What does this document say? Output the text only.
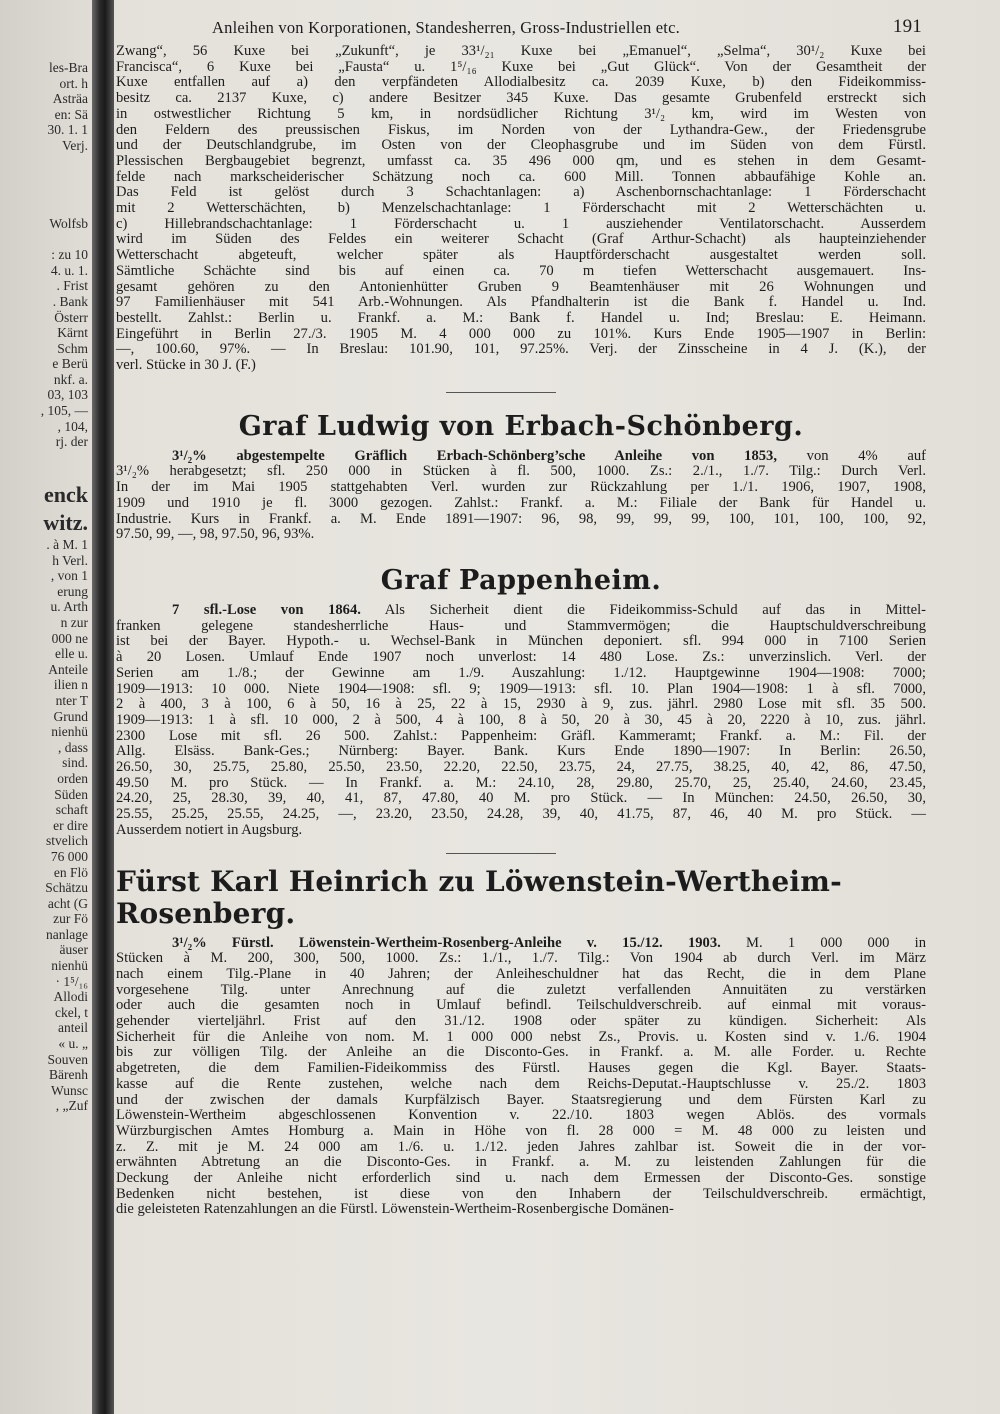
les-Bra
ort. h
Asträa
en: Sä
30. 1. 1
Verj.
Wolfsb
: zu 10
4. u. 1.
. Frist
. Bank
Österr
Kärnt
Schm
e Berü
nkf. a.
03, 103
, 105, —
, 104,
rj. der
enck
witz.
. à M. 1
h Verl.
, von 1
erung
u. Arth
n zur
000 ne
elle u.
Anteile
ilien n
nter T
Grund
nienhü
, dass
sind.
orden
Süden
schaft
er dire
stvelich
76 000
en Flö
Schätzu
acht (G
zur Fö
nanlage
äuser
nienhü
· 1⁵/₁₆
Allodi
ckel, t
anteil
« u. „
Souven
Bärenh
Wunsc
, „Zuf
Anleihen von Korporationen, Standesherren, Gross-Industriellen etc.	191

Zwang“, 56 Kuxe bei „Zukunft“, je 33¹/₂₁ Kuxe bei „Emanuel“, „Selma“, 30¹/₂ Kuxe bei
Francisca“, 6 Kuxe bei „Fausta“ u. 1⁵/₁₆ Kuxe bei „Gut Glück“. Von der Gesamtheit der
Kuxe entfallen auf a) den verpfändeten Allodialbesitz ca. 2039 Kuxe, b) den Fideikommiss-
besitz ca. 2137 Kuxe, c) andere Besitzer 345 Kuxe. Das gesamte Grubenfeld erstreckt sich
in ostwestlicher Richtung 5 km, in nordsüdlicher Richtung 3¹/₂ km, wird im Westen von
den Feldern des preussischen Fiskus, im Norden von der Lythandra-Gew., der Friedensgrube
und der Deutschlandgrube, im Osten von der Cleophasgrube und im Süden von dem Fürstl.
Plessischen Bergbaugebiet begrenzt, umfasst ca. 35 496 000 qm, und es stehen in dem Gesamt-
felde nach markscheiderischer Schätzung noch ca. 600 Mill. Tonnen abbaufähige Kohle an.
Das Feld ist gelöst durch 3 Schachtanlagen: a) Aschenbornschachtanlage: 1 Förderschacht
mit 2 Wetterschächten, b) Menzelschachtanlage: 1 Förderschacht mit 2 Wetterschächten u.
c) Hillebrandschachtanlage: 1 Förderschacht u. 1 ausziehender Ventilatorschacht. Ausserdem
wird im Süden des Feldes ein weiterer Schacht (Graf Arthur-Schacht) als haupteinziehender
Wetterschacht abgeteuft, welcher später als Hauptförderschacht ausgestaltet werden soll.
Sämtliche Schächte sind bis auf einen ca. 70 m tiefen Wetterschacht ausgemauert. Ins-
gesamt gehören zu den Antonienhütter Gruben 9 Beamtenhäuser mit 26 Wohnungen und
97 Familienhäuser mit 541 Arb.-Wohnungen. Als Pfandhalterin ist die Bank f. Handel u. Ind.
bestellt. Zahlst.: Berlin u. Frankf. a. M.: Bank f. Handel u. Ind; Breslau: E. Heimann.
Eingeführt in Berlin 27./3. 1905 M. 4 000 000 zu 101%. Kurs Ende 1905—1907 in Berlin:
—, 100.60, 97%. — In Breslau: 101.90, 101, 97.25%. Verj. der Zinsscheine in 4 J. (K.), der
verl. Stücke in 30 J. (F.)

Graf Ludwig von Erbach-Schönberg.

3¹/₂% abgestempelte Gräflich Erbach-Schönberg’sche Anleihe von 1853, von 4% auf
3¹/₂% herabgesetzt; sfl. 250 000 in Stücken à fl. 500, 1000. Zs.: 2./1., 1./7. Tilg.: Durch Verl.
In der im Mai 1905 stattgehabten Verl. wurden zur Rückzahlung per 1./1. 1906, 1907, 1908,
1909 und 1910 je fl. 3000 gezogen. Zahlst.: Frankf. a. M.: Filiale der Bank für Handel u.
Industrie. Kurs in Frankf. a. M. Ende 1891—1907: 96, 98, 99, 99, 99, 100, 101, 100, 100, 92,
97.50, 99, —, 98, 97.50, 96, 93%.

Graf Pappenheim.

7 sfl.-Lose von 1864. Als Sicherheit dient die Fideikommiss-Schuld auf das in Mittel-
franken gelegene standesherrliche Haus- und Stammvermögen; die Hauptschuldverschreibung
ist bei der Bayer. Hypoth.- u. Wechsel-Bank in München deponiert. sfl. 994 000 in 7100 Serien
à 20 Losen. Umlauf Ende 1907 noch unverlost: 14 480 Lose. Zs.: unverzinslich. Verl. der
Serien am 1./8.; der Gewinne am 1./9. Auszahlung: 1./12. Hauptgewinne 1904—1908: 7000;
1909—1913: 10 000. Niete 1904—1908: sfl. 9; 1909—1913: sfl. 10. Plan 1904—1908: 1 à sfl. 7000,
2 à 400, 3 à 100, 6 à 50, 16 à 25, 22 à 15, 2930 à 9, zus. jährl. 2980 Lose mit sfl. 35 500.
1909—1913: 1 à sfl. 10 000, 2 à 500, 4 à 100, 8 à 50, 20 à 30, 45 à 20, 2220 à 10, zus. jährl.
2300 Lose mit sfl. 26 500. Zahlst.: Pappenheim: Gräfl. Kammeramt; Frankf. a. M.: Fil. der
Allg. Elsäss. Bank-Ges.; Nürnberg: Bayer. Bank. Kurs Ende 1890—1907: In Berlin: 26.50,
26.50, 30, 25.75, 25.80, 25.50, 23.50, 22.20, 22.50, 23.75, 24, 27.75, 38.25, 40, 42, 86, 47.50,
49.50 M. pro Stück. — In Frankf. a. M.: 24.10, 28, 29.80, 25.70, 25, 25.40, 24.60, 23.45,
24.20, 25, 28.30, 39, 40, 41, 87, 47.80, 40 M. pro Stück. — In München: 24.50, 26.50, 30,
25.55, 25.25, 25.55, 24.25, —, 23.20, 23.50, 24.28, 39, 40, 41.75, 87, 46, 40 M. pro Stück. —
Ausserdem notiert in Augsburg.

Fürst Karl Heinrich zu Löwenstein-Wertheim-Rosenberg.

3¹/₂% Fürstl. Löwenstein-Wertheim-Rosenberg-Anleihe v. 15./12. 1903. M. 1 000 000 in
Stücken à M. 200, 300, 500, 1000. Zs.: 1./1., 1./7. Tilg.: Von 1904 ab durch Verl. im März
nach einem Tilg.-Plane in 40 Jahren; der Anleiheschuldner hat das Recht, die in dem Plane
vorgesehene Tilg. unter Anrechnung auf die zuletzt verfallenden Annuitäten zu verstärken
oder auch die gesamten noch in Umlauf befindl. Teilschuldverschreib. auf einmal mit voraus-
gehender vierteljährl. Frist auf den 31./12. 1908 oder später zu kündigen. Sicherheit: Als
Sicherheit für die Anleihe von nom. M. 1 000 000 nebst Zs., Provis. u. Kosten sind v. 1./6. 1904
bis zur völligen Tilg. der Anleihe an die Disconto-Ges. in Frankf. a. M. alle Forder. u. Rechte
abgetreten, die dem Familien-Fideikommiss des Fürstl. Hauses gegen die Kgl. Bayer. Staats-
kasse auf die Rente zustehen, welche nach dem Reichs-Deputat.-Hauptschlusse v. 25./2. 1803
und der zwischen der damals Kurpfälzisch Bayer. Staatsregierung und dem Fürsten Karl zu
Löwenstein-Wertheim abgeschlossenen Konvention v. 22./10. 1803 wegen Ablös. des vormals
Würzburgischen Amtes Homburg a. Main in Höhe von fl. 28 000 = M. 48 000 zu leisten und
z. Z. mit je M. 24 000 am 1./6. u. 1./12. jeden Jahres zahlbar ist. Soweit die in der vor-
erwähnten Abtretung an die Disconto-Ges. in Frankf. a. M. zu leistenden Zahlungen für die
Deckung der Anleihe nicht erforderlich sind u. nach dem Ermessen der Disconto-Ges. sonstige
Bedenken nicht bestehen, ist diese von den Inhabern der Teilschuldverschreib. ermächtigt,
die geleisteten Ratenzahlungen an die Fürstl. Löwenstein-Wertheim-Rosenbergische Domänen-
